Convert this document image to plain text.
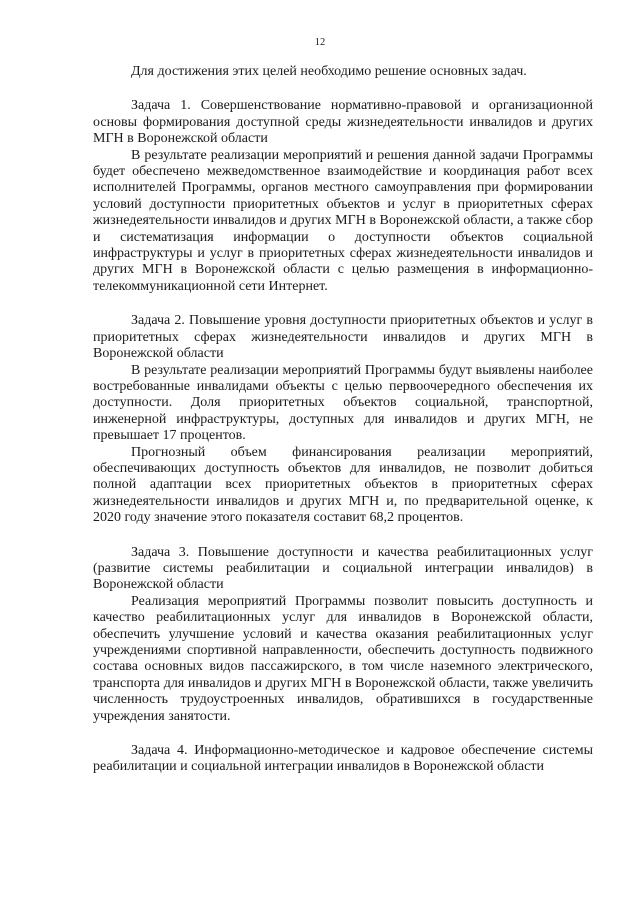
12

Для достижения этих целей необходимо решение основных задач.

Задача 1. Совершенствование нормативно-правовой и организационной основы формирования доступной среды жизнедеятельности инвалидов и других МГН в Воронежской области

В результате реализации мероприятий и решения данной задачи Программы будет обеспечено межведомственное взаимодействие и координация работ всех исполнителей Программы, органов местного самоуправления при формировании условий доступности приоритетных объектов и услуг в приоритетных сферах жизнедеятельности инвалидов и других МГН в Воронежской области, а также сбор и систематизация информации о доступности объектов социальной инфраструктуры и услуг в приоритетных сферах жизнедеятельности инвалидов и других МГН в Воронежской области с целью размещения в информационно-телекоммуникационной сети Интернет.

Задача 2. Повышение уровня доступности приоритетных объектов и услуг в приоритетных сферах жизнедеятельности инвалидов и других МГН в Воронежской области

В результате реализации мероприятий Программы будут выявлены наиболее востребованные инвалидами объекты с целью первоочередного обеспечения их доступности. Доля приоритетных объектов социальной, транспортной, инженерной инфраструктуры, доступных для инвалидов и других МГН, не превышает 17 процентов.

Прогнозный объем финансирования реализации мероприятий, обеспечивающих доступность объектов для инвалидов, не позволит добиться полной адаптации всех приоритетных объектов в приоритетных сферах жизнедеятельности инвалидов и других МГН и, по предварительной оценке, к 2020 году значение этого показателя составит 68,2 процентов.

Задача 3. Повышение доступности и качества реабилитационных услуг (развитие системы реабилитации и социальной интеграции инвалидов) в Воронежской области

Реализация мероприятий Программы позволит повысить доступность и качество реабилитационных услуг для инвалидов в Воронежской области, обеспечить улучшение условий и качества оказания реабилитационных услуг учреждениями спортивной направленности, обеспечить доступность подвижного состава основных видов пассажирского, в том числе наземного электрического, транспорта для инвалидов и других МГН в Воронежской области, также увеличить численность трудоустроенных инвалидов, обратившихся в государственные учреждения занятости.

Задача 4. Информационно-методическое и кадровое обеспечение системы реабилитации и социальной интеграции инвалидов в Воронежской области
